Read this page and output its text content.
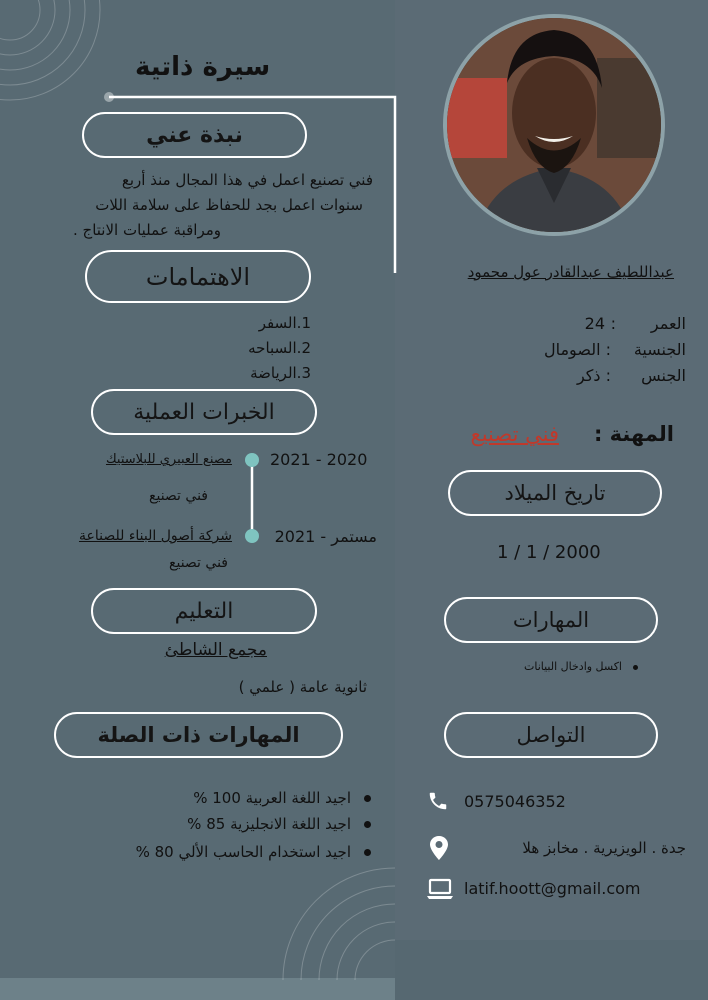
سيرة ذاتية
نبذة عني
فني تصنيع اعمل في هذا المجال منذ أربع
سنوات اعمل بجد للحفاظ على سلامة اللات
ومراقبة عمليات الانتاج .
الاهتمامات
1.السفر
2.السباحه
3.الرياضة
الخبرات العملية
2021 - 2020
مصنع العبيري للبلاستيك
فني تصنيع
مستمر - 2021
شركة أصول البناء للصناعة
فني تصنيع
التعليم
مجمع الشاطئ
ثانوية عامة ( علمي )
المهارات ذات الصلة
اجيد اللغة العربية 100 %
اجيد اللغة الانجليزية 85 %
اجيد استخدام الحاسب الألي 80 %
عبداللطيف عبدالقادر عول محمود
العمر
:
24
الجنسية
: الصومال
الجنس
: ذكر
المهنة :
فني تصنيع
تاريخ الميلاد
1 / 1 / 2000
المهارات
اكسل وادخال البيانات
التواصل
0575046352
جدة . الويزيرية . مخابز هلا
latif.hoott@gmail.com
